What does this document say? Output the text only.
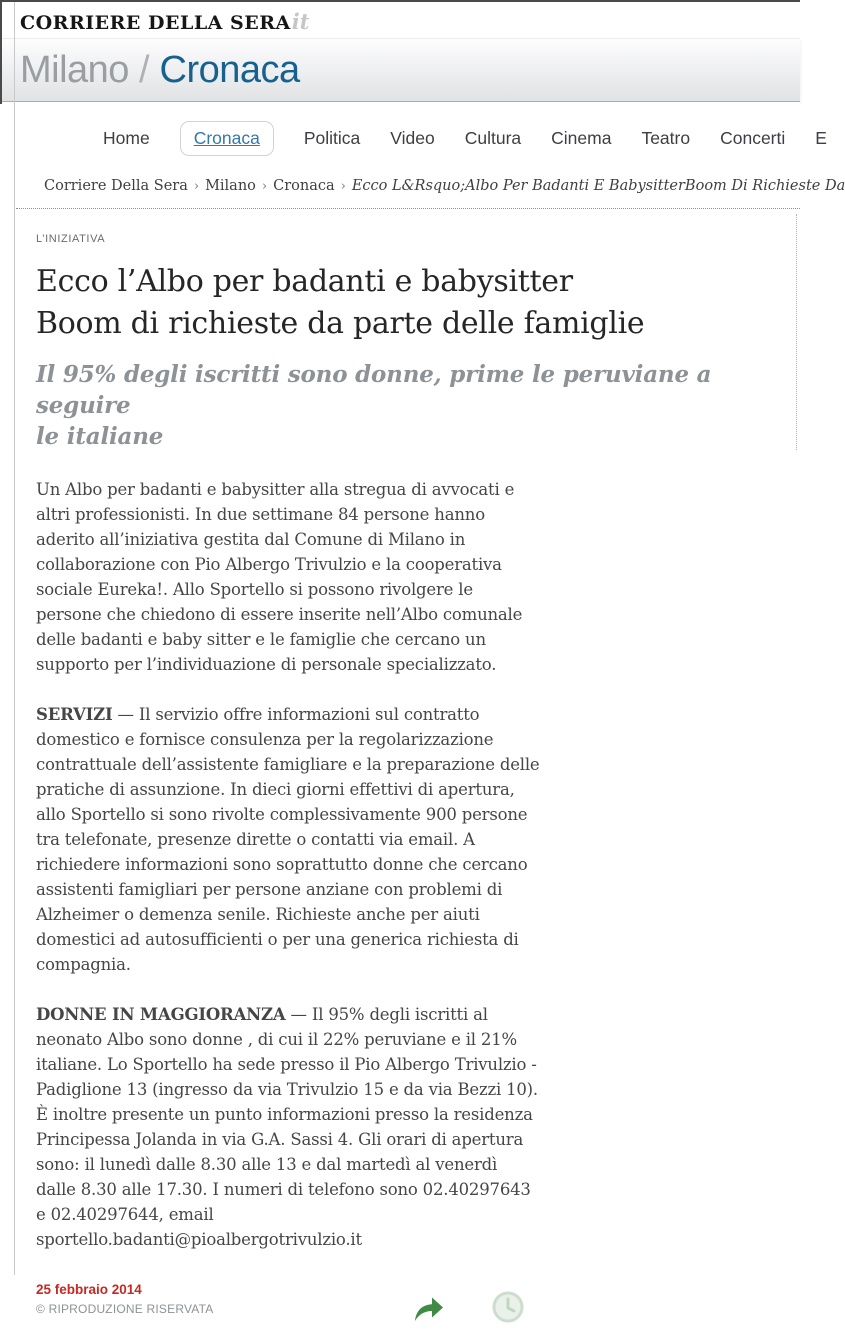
CORRIERE DELLA SERAit
Milano / Cronaca
Home	Cronaca	Politica Video Cultura Cinema Teatro Concerti E
Corriere Della Sera › Milano › Cronaca › Ecco L&Rsquo;Albo Per Badanti E BabysitterBoom Di Richieste Da
L’INIZIATIVA
Ecco l’Albo per badanti e babysitter
Boom di richieste da parte delle famiglie
Il 95% degli iscritti sono donne, prime le peruviane a seguire
le italiane

Un Albo per badanti e babysitter alla stregua di avvocati e altri professionisti. In due settimane 84 persone hanno aderito all’iniziativa gestita dal Comune di Milano in collaborazione con Pio Albergo Trivulzio e la cooperativa sociale Eureka!. Allo Sportello si possono rivolgere le persone che chiedono di essere inserite nell’Albo comunale delle badanti e baby sitter e le famiglie che cercano un supporto per l’individuazione di personale specializzato.

SERVIZI — Il servizio offre informazioni sul contratto domestico e fornisce consulenza per la regolarizzazione contrattuale dell’assistente famigliare e la preparazione delle pratiche di assunzione. In dieci giorni effettivi di apertura, allo Sportello si sono rivolte complessivamente 900 persone tra telefonate, presenze dirette o contatti via email. A richiedere informazioni sono soprattutto donne che cercano assistenti famigliari per persone anziane con problemi di Alzheimer o demenza senile. Richieste anche per aiuti domestici ad autosufficienti o per una generica richiesta di compagnia.

DONNE IN MAGGIORANZA — Il 95% degli iscritti al neonato Albo sono donne , di cui il 22% peruviane e il 21% italiane. Lo Sportello ha sede presso il Pio Albergo Trivulzio - Padiglione 13 (ingresso da via Trivulzio 15 e da via Bezzi 10). È inoltre presente un punto informazioni presso la residenza Principessa Jolanda in via G.A. Sassi 4. Gli orari di apertura sono: il lunedì dalle 8.30 alle 13 e dal martedì al venerdì dalle 8.30 alle 17.30. I numeri di telefono sono 02.40297643 e 02.40297644, email sportello.badanti@pioalbergotrivulzio.it

25 febbraio 2014
© RIPRODUZIONE RISERVATA
